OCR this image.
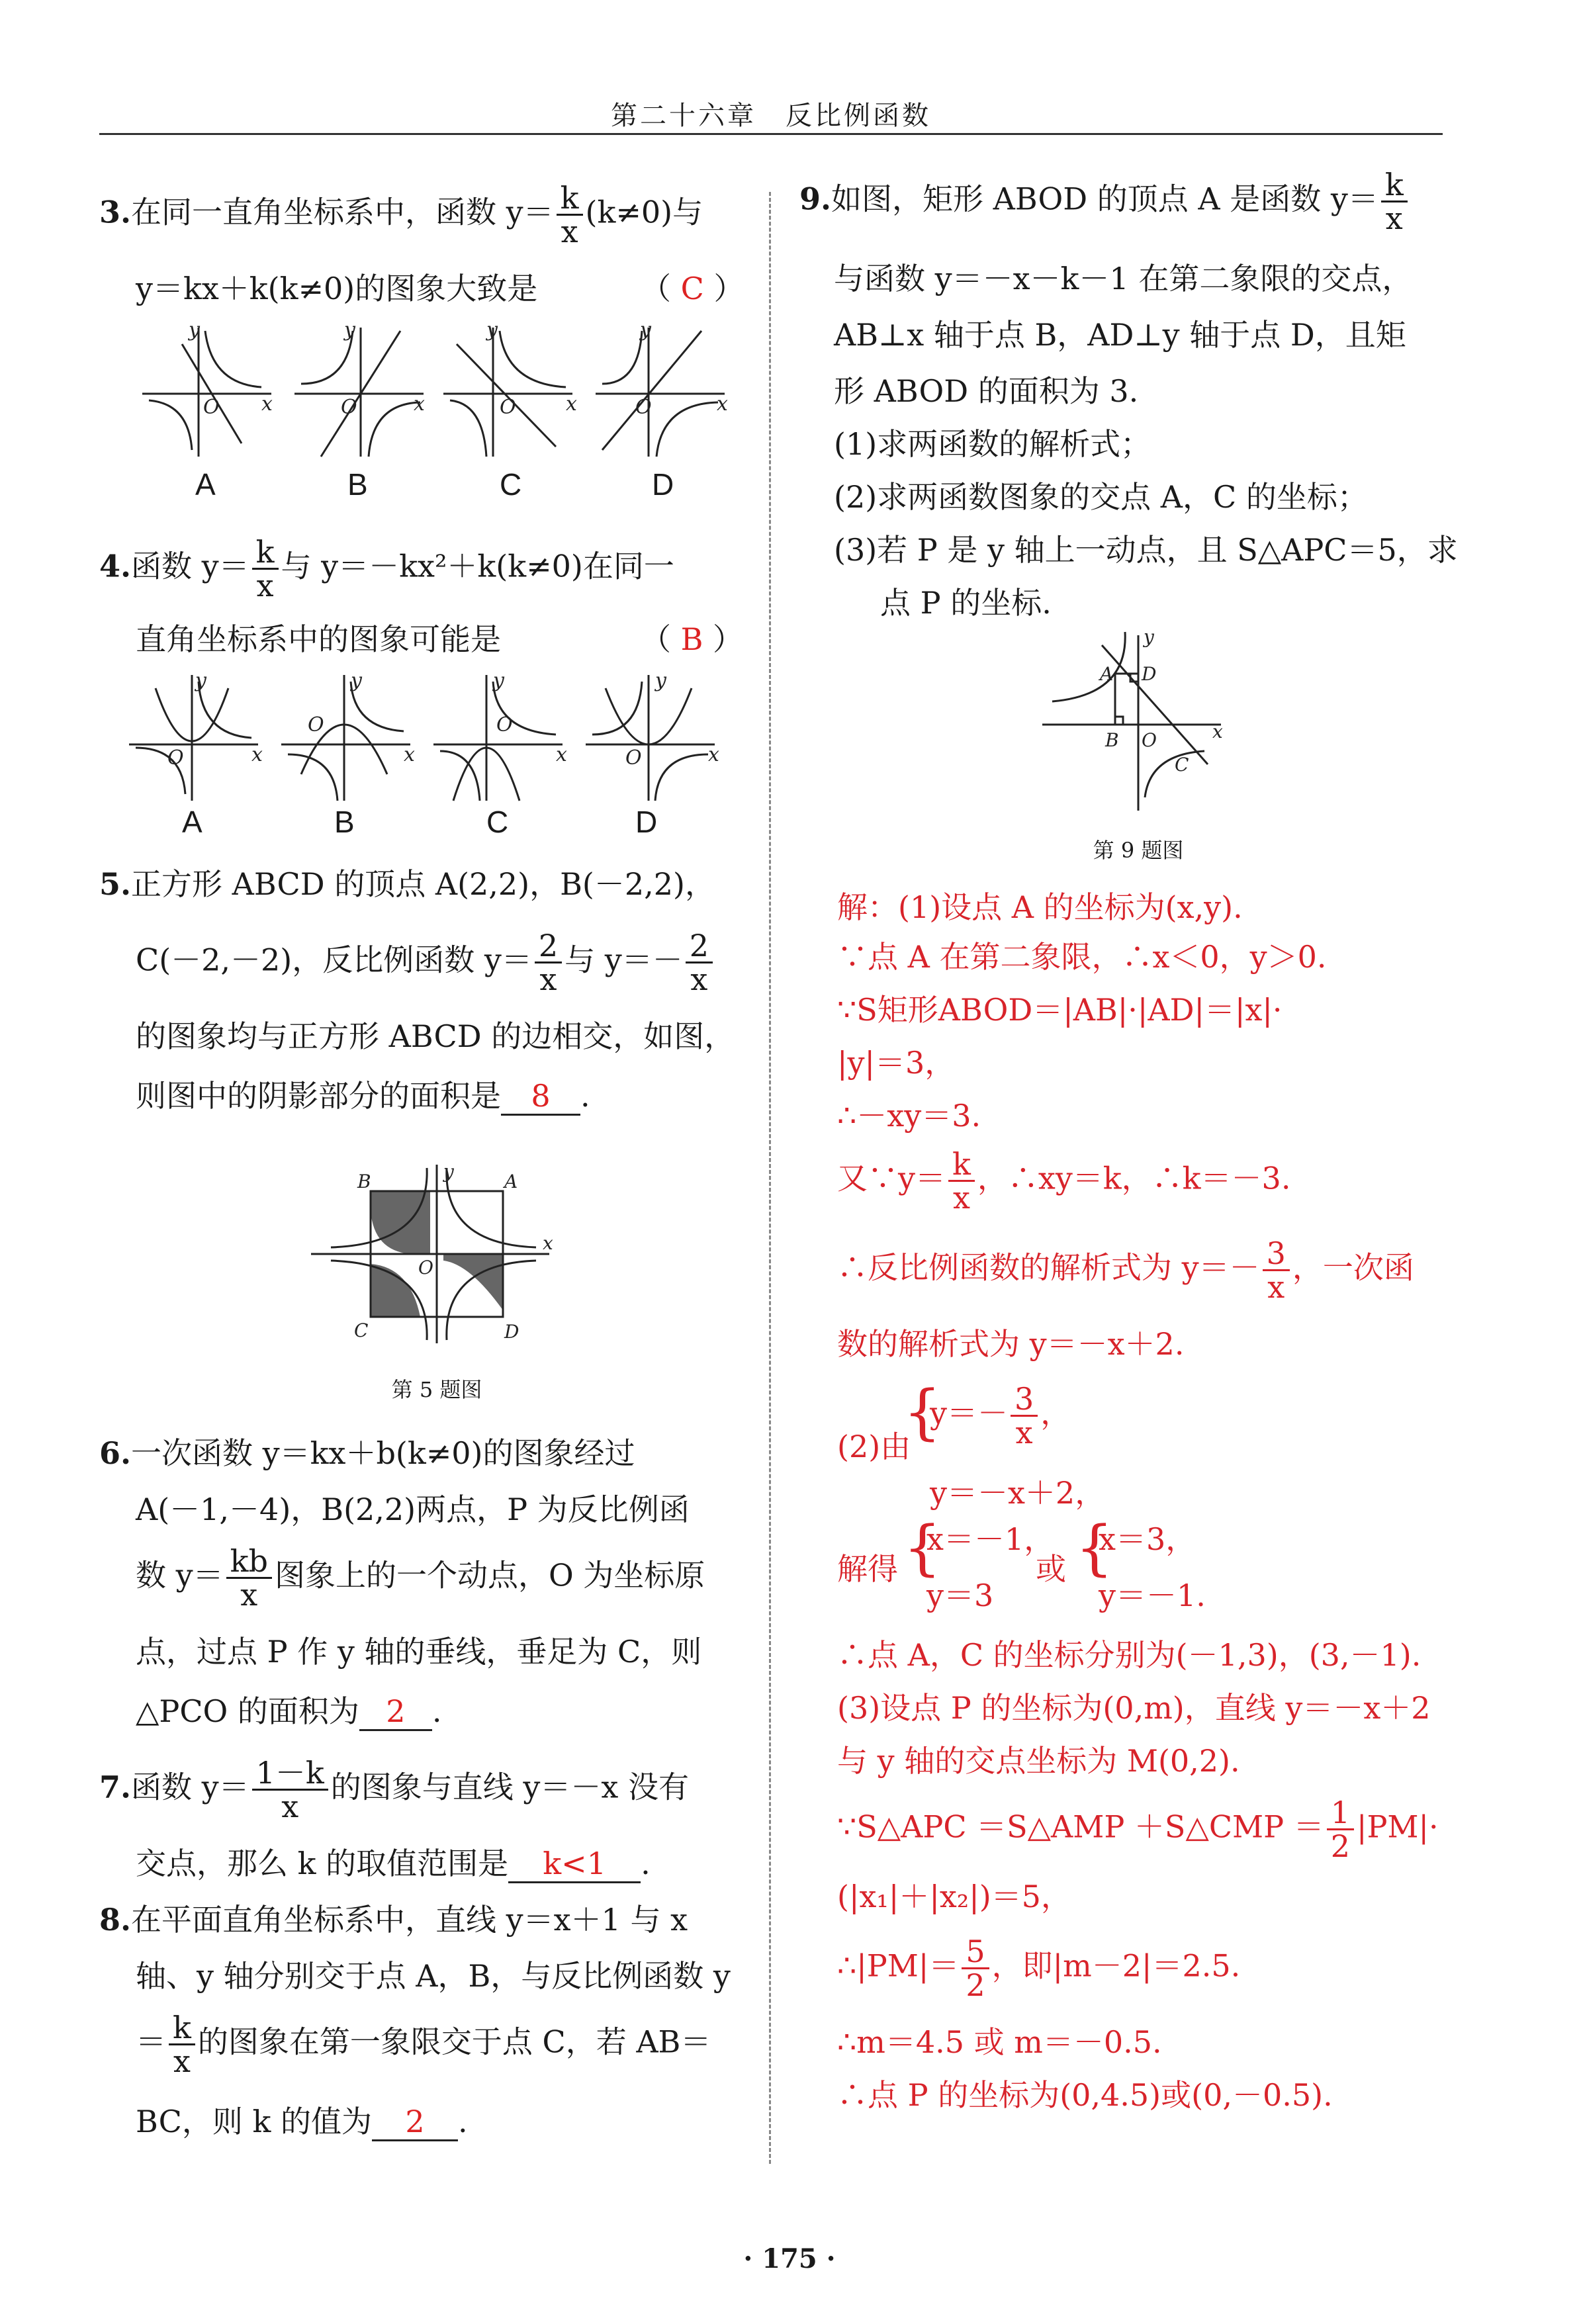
第二十六章　反比例函数
3.在同一直角坐标系中，函数 $y= \frac{k}{x} (k\ne 0)$与
y＝kx＋k(k≠0)的图象大致是	（ C ）
y
O x
y
O	x
y
O	x
y
O	x
A	B	C	D
4.函数 $y= \frac{k}{x}$ 与 y＝－kx²＋k(k≠0)在同一
直角坐标系中的图象可能是	（ B ）
y
O	x
y
O
x
y
O
x
y
O	x
A	B	C	D
5.正方形 ABCD 的顶点 A(2,2)，B(－2,2)，
C(－2,－2)，反比例函数 $y= \frac{2}{x}$ 与 $y=- \frac{2}{x}$
的图象均与正方形 ABCD 的边相交，如图，
则图中的阴影部分的面积是 8 .
B	A
C	D
O
x
y
第 5 题图
6.一次函数 y＝kx＋b(k≠0)的图象经过
A(－1,－4)，B(2,2)两点，P 为反比例函
数 $y= \frac{kb}{x}$ 图象上的一个动点，O 为坐标原
点，过点 P 作 y 轴的垂线，垂足为 C，则
△PCO 的面积为 2 .
7.函数 $y= \frac{1-k}{x}$ 的图象与直线 y＝－x 没有
交点，那么 k 的取值范围是 k<1 .
8.在平面直角坐标系中，直线 y＝x＋1 与 x
轴、y 轴分别交于点 A，B，与反比例函数 y
＝ $\frac{k}{x}$ 的图象在第一象限交于点 C，若 AB＝
BC，则 k 的值为 2 .
9.如图，矩形 ABOD 的顶点 A 是函数 $y= \frac{k}{x}$
与函数 y＝－x－k－1 在第二象限的交点，
AB⊥x 轴于点 B，AD⊥y 轴于点 D，且矩
形 ABOD 的面积为 3.
(1)求两函数的解析式；
(2)求两函数图象的交点 A，C 的坐标；
(3)若 P 是 y 轴上一动点，且 S△APC＝5，求
点 P 的坐标.
A D
B O
C
x
y
第 9 题图
解：(1)设点 A 的坐标为(x,y).
∵点 A 在第二象限，∴x＜0，y＞0.
∵S矩形ABOD＝|AB|·|AD|＝|x|·
|y|＝3，
∴－xy＝3.
又∵y＝ $\frac{k}{x}$ ，∴xy＝k，∴k＝－3.
∴反比例函数的解析式为 $y=- \frac{3}{x}$ ，一次函
数的解析式为 y＝－x＋2.
(2)由
{
$y=- \frac{3}{x}$ ，
y＝－x＋2，
解得 {
x＝－1，
y＝3
或 {
x＝3，
y＝－1.
∴点 A，C 的坐标分别为(－1,3)，(3,－1).
(3)设点 P 的坐标为(0,m)，直线 y＝－x＋2
与 y 轴的交点坐标为 M(0,2).
∵S△APC ＝S△AMP ＋S△CMP ＝ $\frac{1}{2} |PM|\cdot$
(|x₁|＋|x₂|)＝5，
∴|PM|＝ $\frac{5}{2}$ ，即|m－2|＝2.5.
∴m＝4.5 或 m＝－0.5.
∴点 P 的坐标为(0,4.5)或(0,－0.5).
· 175 ·
